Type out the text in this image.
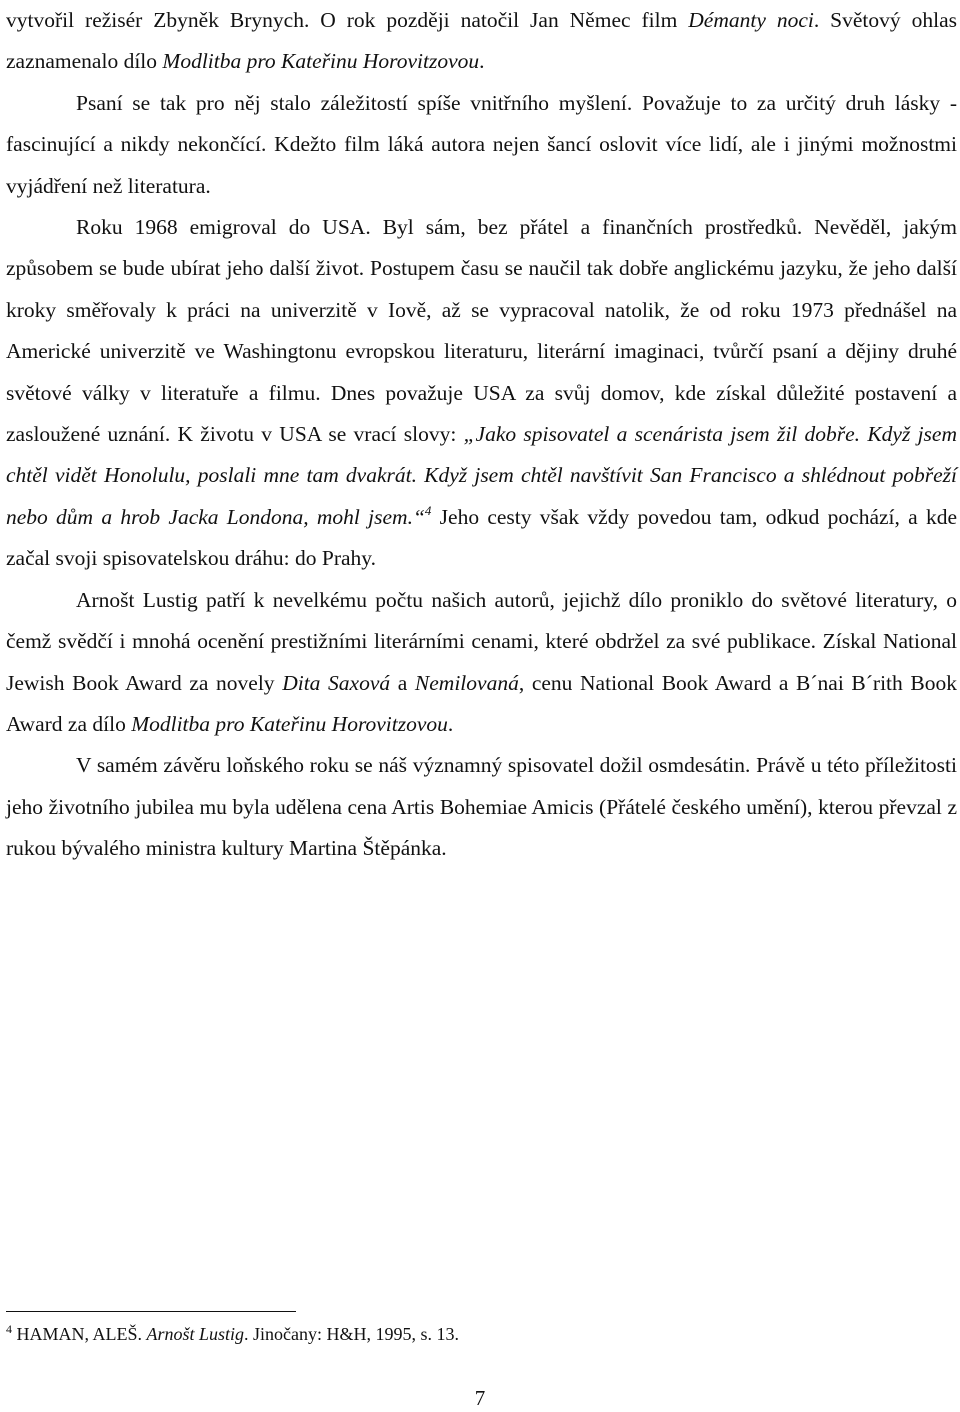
vytvořil režisér Zbyněk Brynych. O rok později natočil Jan Němec film Démanty noci. Světový ohlas zaznamenalo dílo Modlitba pro Kateřinu Horovitzovou.

Psaní se tak pro něj stalo záležitostí spíše vnitřního myšlení. Považuje to za určitý druh lásky - fascinující a nikdy nekončící. Kdežto film láká autora nejen šancí oslovit více lidí, ale i jinými možnostmi vyjádření než literatura.

Roku 1968 emigroval do USA. Byl sám, bez přátel a finančních prostředků. Nevěděl, jakým způsobem se bude ubírat jeho další život. Postupem času se naučil tak dobře anglickému jazyku, že jeho další kroky směřovaly k práci na univerzitě v Iově, až se vypracoval natolik, že od roku 1973 přednášel na Americké univerzitě ve Washingtonu evropskou literaturu, literární imaginaci, tvůrčí psaní a dějiny druhé světové války v literatuře a filmu. Dnes považuje USA za svůj domov, kde získal důležité postavení a zasloužené uznání. K životu v USA se vrací slovy: „Jako spisovatel a scenárista jsem žil dobře. Když jsem chtěl vidět Honolulu, poslali mne tam dvakrát. Když jsem chtěl navštívit San Francisco a shlédnout pobřeží nebo dům a hrob Jacka Londona, mohl jsem.“$^4$ Jeho cesty však vždy povedou tam, odkud pochází, a kde začal svoji spisovatelskou dráhu: do Prahy.

Arnošt Lustig patří k nevelkému počtu našich autorů, jejichž dílo proniklo do světové literatury, o čemž svědčí i mnohá ocenění prestižními literárními cenami, které obdržel za své publikace. Získal National Jewish Book Award za novely Dita Saxová a Nemilovaná, cenu National Book Award a B´nai B´rith Book Award za dílo Modlitba pro Kateřinu Horovitzovou.

V samém závěru loňského roku se náš významný spisovatel dožil osmdesátin. Právě u této příležitosti jeho životního jubilea mu byla udělena cena Artis Bohemiae Amicis (Přátelé českého umění), kterou převzal z rukou bývalého ministra kultury Martina Štěpánka.

$^4$ HAMAN, ALEŠ. Arnošt Lustig. Jinočany: H&H, 1995, s. 13.
7
